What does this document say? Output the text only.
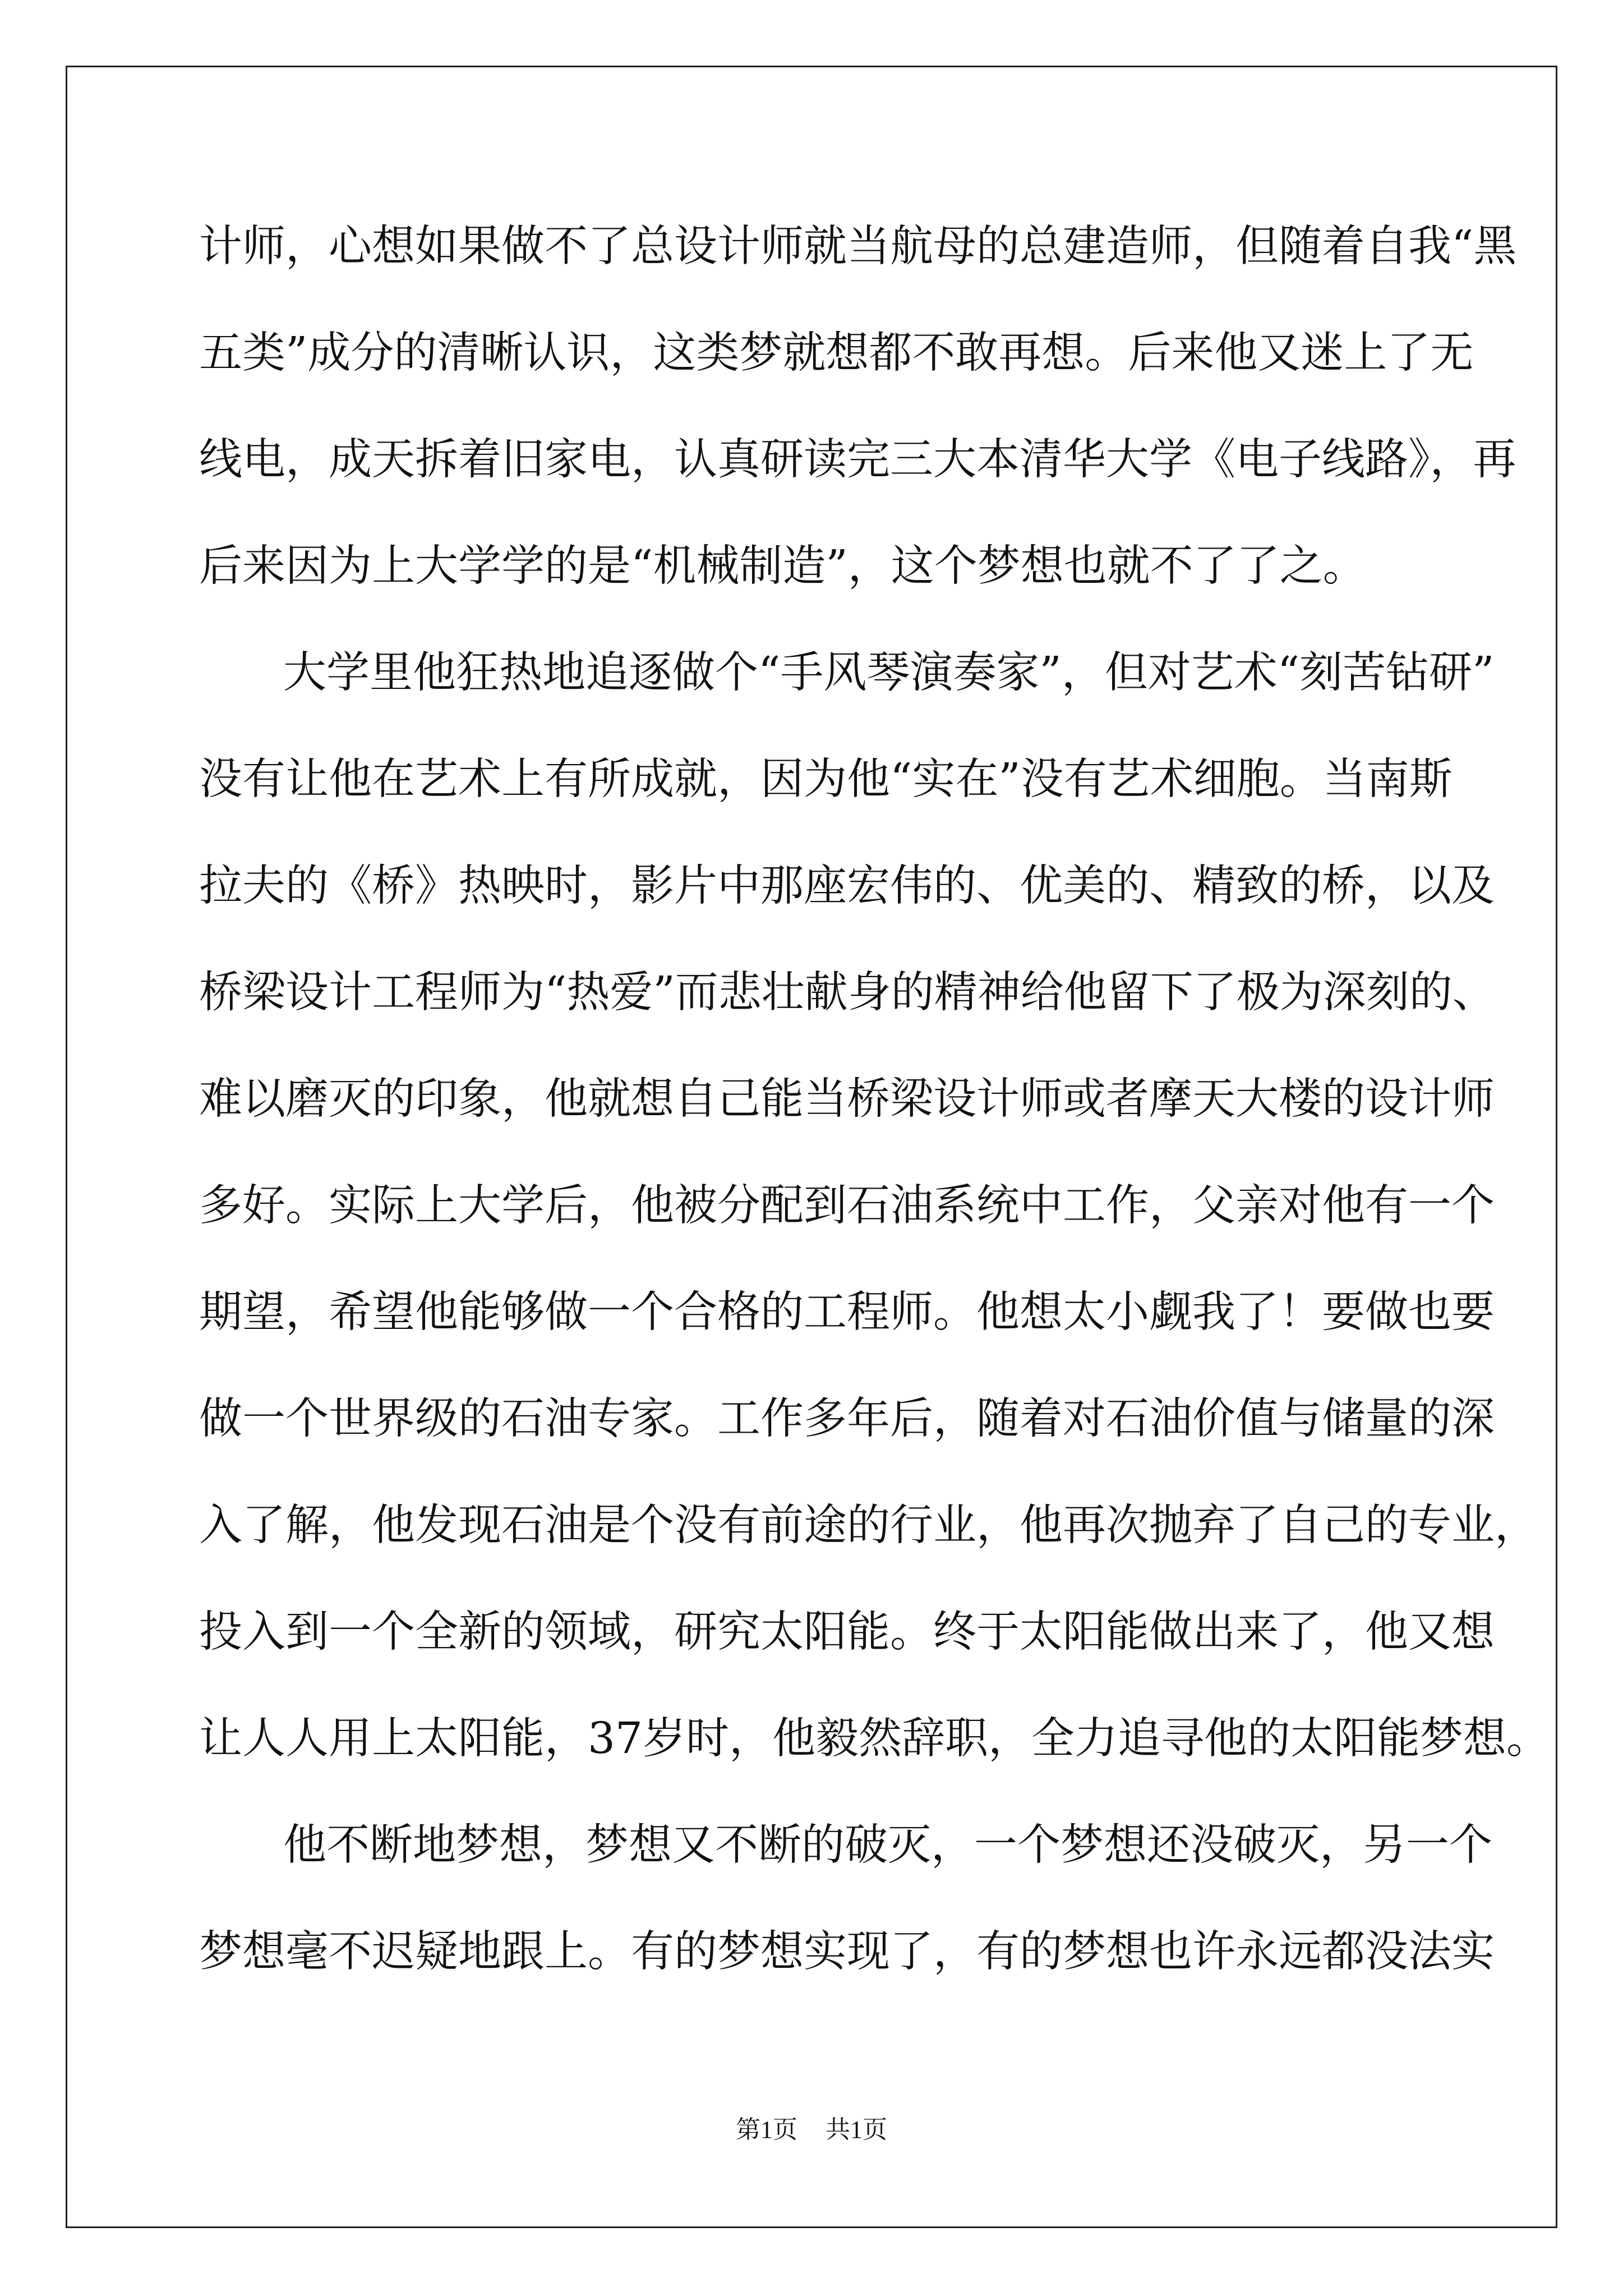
计师，心想如果做不了总设计师就当航母的总建造师，但随着自我“黑
五类”成分的清晰认识，这类梦就想都不敢再想。后来他又迷上了无
线电，成天拆着旧家电，认真研读完三大本清华大学《电子线路》，再
后来因为上大学学的是“机械制造”，这个梦想也就不了了之。
大学里他狂热地追逐做个“手风琴演奏家”，但对艺术“刻苦钻研”
没有让他在艺术上有所成就，因为他“实在”没有艺术细胞。当南斯
拉夫的《桥》热映时，影片中那座宏伟的、优美的、精致的桥，以及
桥梁设计工程师为“热爱”而悲壮献身的精神给他留下了极为深刻的、
难以磨灭的印象，他就想自己能当桥梁设计师或者摩天大楼的设计师
多好。实际上大学后，他被分配到石油系统中工作，父亲对他有一个
期望，希望他能够做一个合格的工程师。他想太小觑我了！要做也要
做一个世界级的石油专家。工作多年后，随着对石油价值与储量的深
入了解，他发现石油是个没有前途的行业，他再次抛弃了自己的专业，
投入到一个全新的领域，研究太阳能。终于太阳能做出来了，他又想
让人人用上太阳能，37岁时，他毅然辞职，全力追寻他的太阳能梦想。
他不断地梦想，梦想又不断的破灭，一个梦想还没破灭，另一个
梦想毫不迟疑地跟上。有的梦想实现了，有的梦想也许永远都没法实
第1页 共1页
